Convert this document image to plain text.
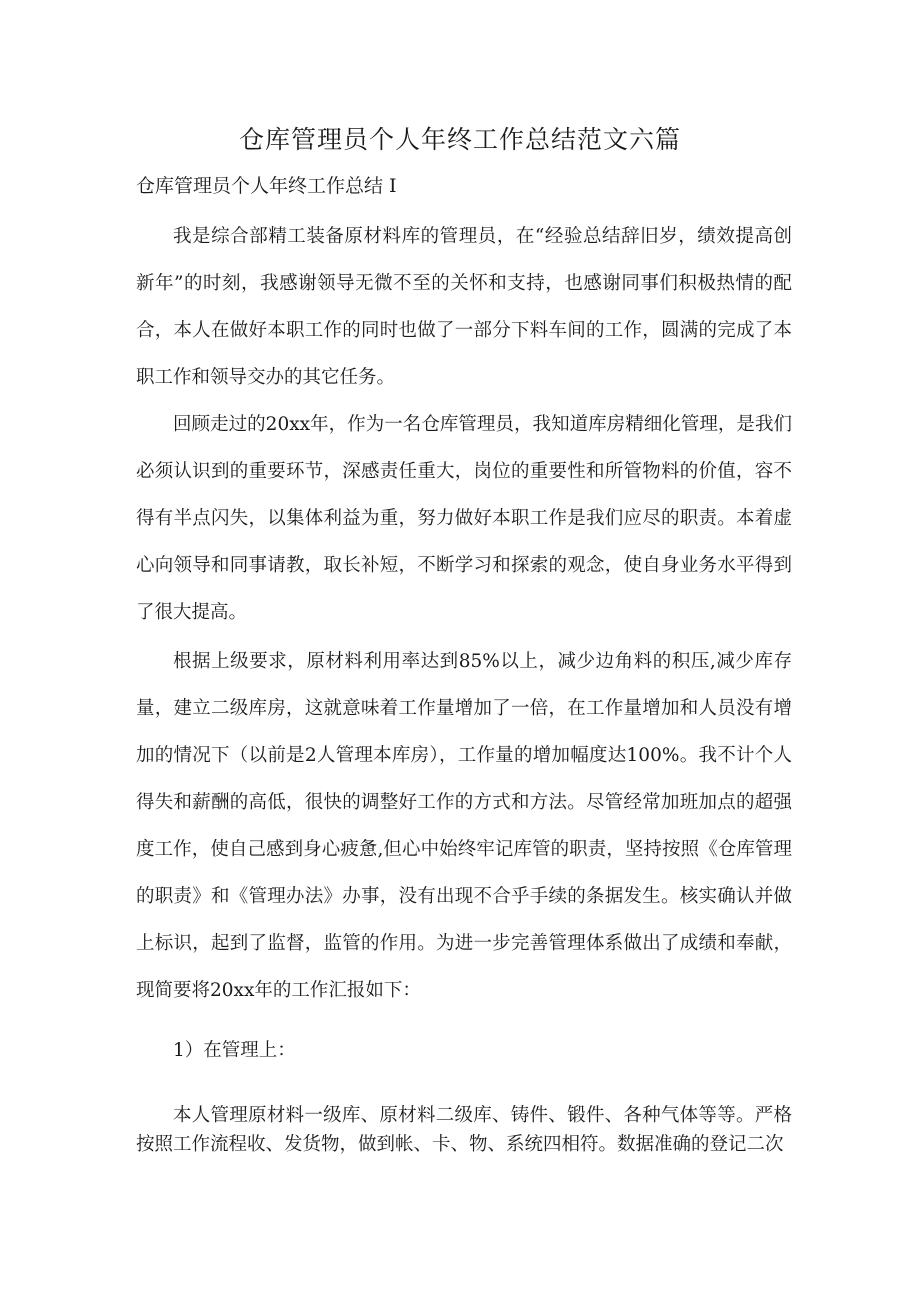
仓库管理员个人年终工作总结范文六篇
仓库管理员个人年终工作总结 I

我是综合部精工装备原材料库的管理员，在“经验总结辞旧岁，绩效提高创新年”的时刻，我感谢领导无微不至的关怀和支持，也感谢同事们积极热情的配合，本人在做好本职工作的同时也做了一部分下料车间的工作，圆满的完成了本职工作和领导交办的其它任务。

回顾走过的20xx年，作为一名仓库管理员，我知道库房精细化管理，是我们必须认识到的重要环节，深感责任重大，岗位的重要性和所管物料的价值，容不得有半点闪失，以集体利益为重，努力做好本职工作是我们应尽的职责。本着虚心向领导和同事请教，取长补短，不断学习和探索的观念，使自身业务水平得到了很大提高。

根据上级要求，原材料利用率达到85%以上，减少边角料的积压,减少库存量，建立二级库房，这就意味着工作量增加了一倍，在工作量增加和人员没有增加的情况下（以前是2人管理本库房），工作量的增加幅度达100%。我不计个人得失和薪酬的高低，很快的调整好工作的方式和方法。尽管经常加班加点的超强度工作，使自己感到身心疲惫,但心中始终牢记库管的职责，坚持按照《仓库管理的职责》和《管理办法》办事，没有出现不合乎手续的条据发生。核实确认并做上标识，起到了监督，监管的作用。为进一步完善管理体系做出了成绩和奉献，现简要将20xx年的工作汇报如下：

1）在管理上：

本人管理原材料一级库、原材料二级库、铸件、锻件、各种气体等等。严格按照工作流程收、发货物，做到帐、卡、物、系统四相符。数据准确的登记二次
